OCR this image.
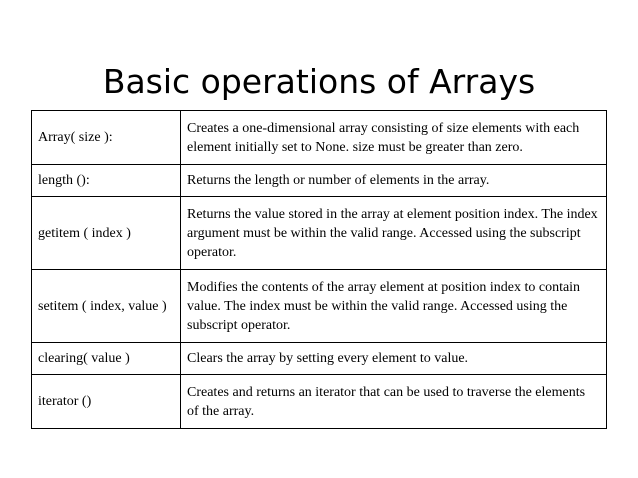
Basic operations of Arrays
Array( size ):	Creates a one-dimensional array consisting of size elements with each element initially set to None. size must be greater than zero.
length ():	Returns the length or number of elements in the array.
getitem ( index )	Returns the value stored in the array at element position index. The index argument must be within the valid range. Accessed using the subscript operator.
setitem ( index, value )	Modifies the contents of the array element at position index to contain value. The index must be within the valid range. Accessed using the subscript operator.
clearing( value )	Clears the array by setting every element to value.
iterator ()	Creates and returns an iterator that can be used to traverse the elements of the array.
